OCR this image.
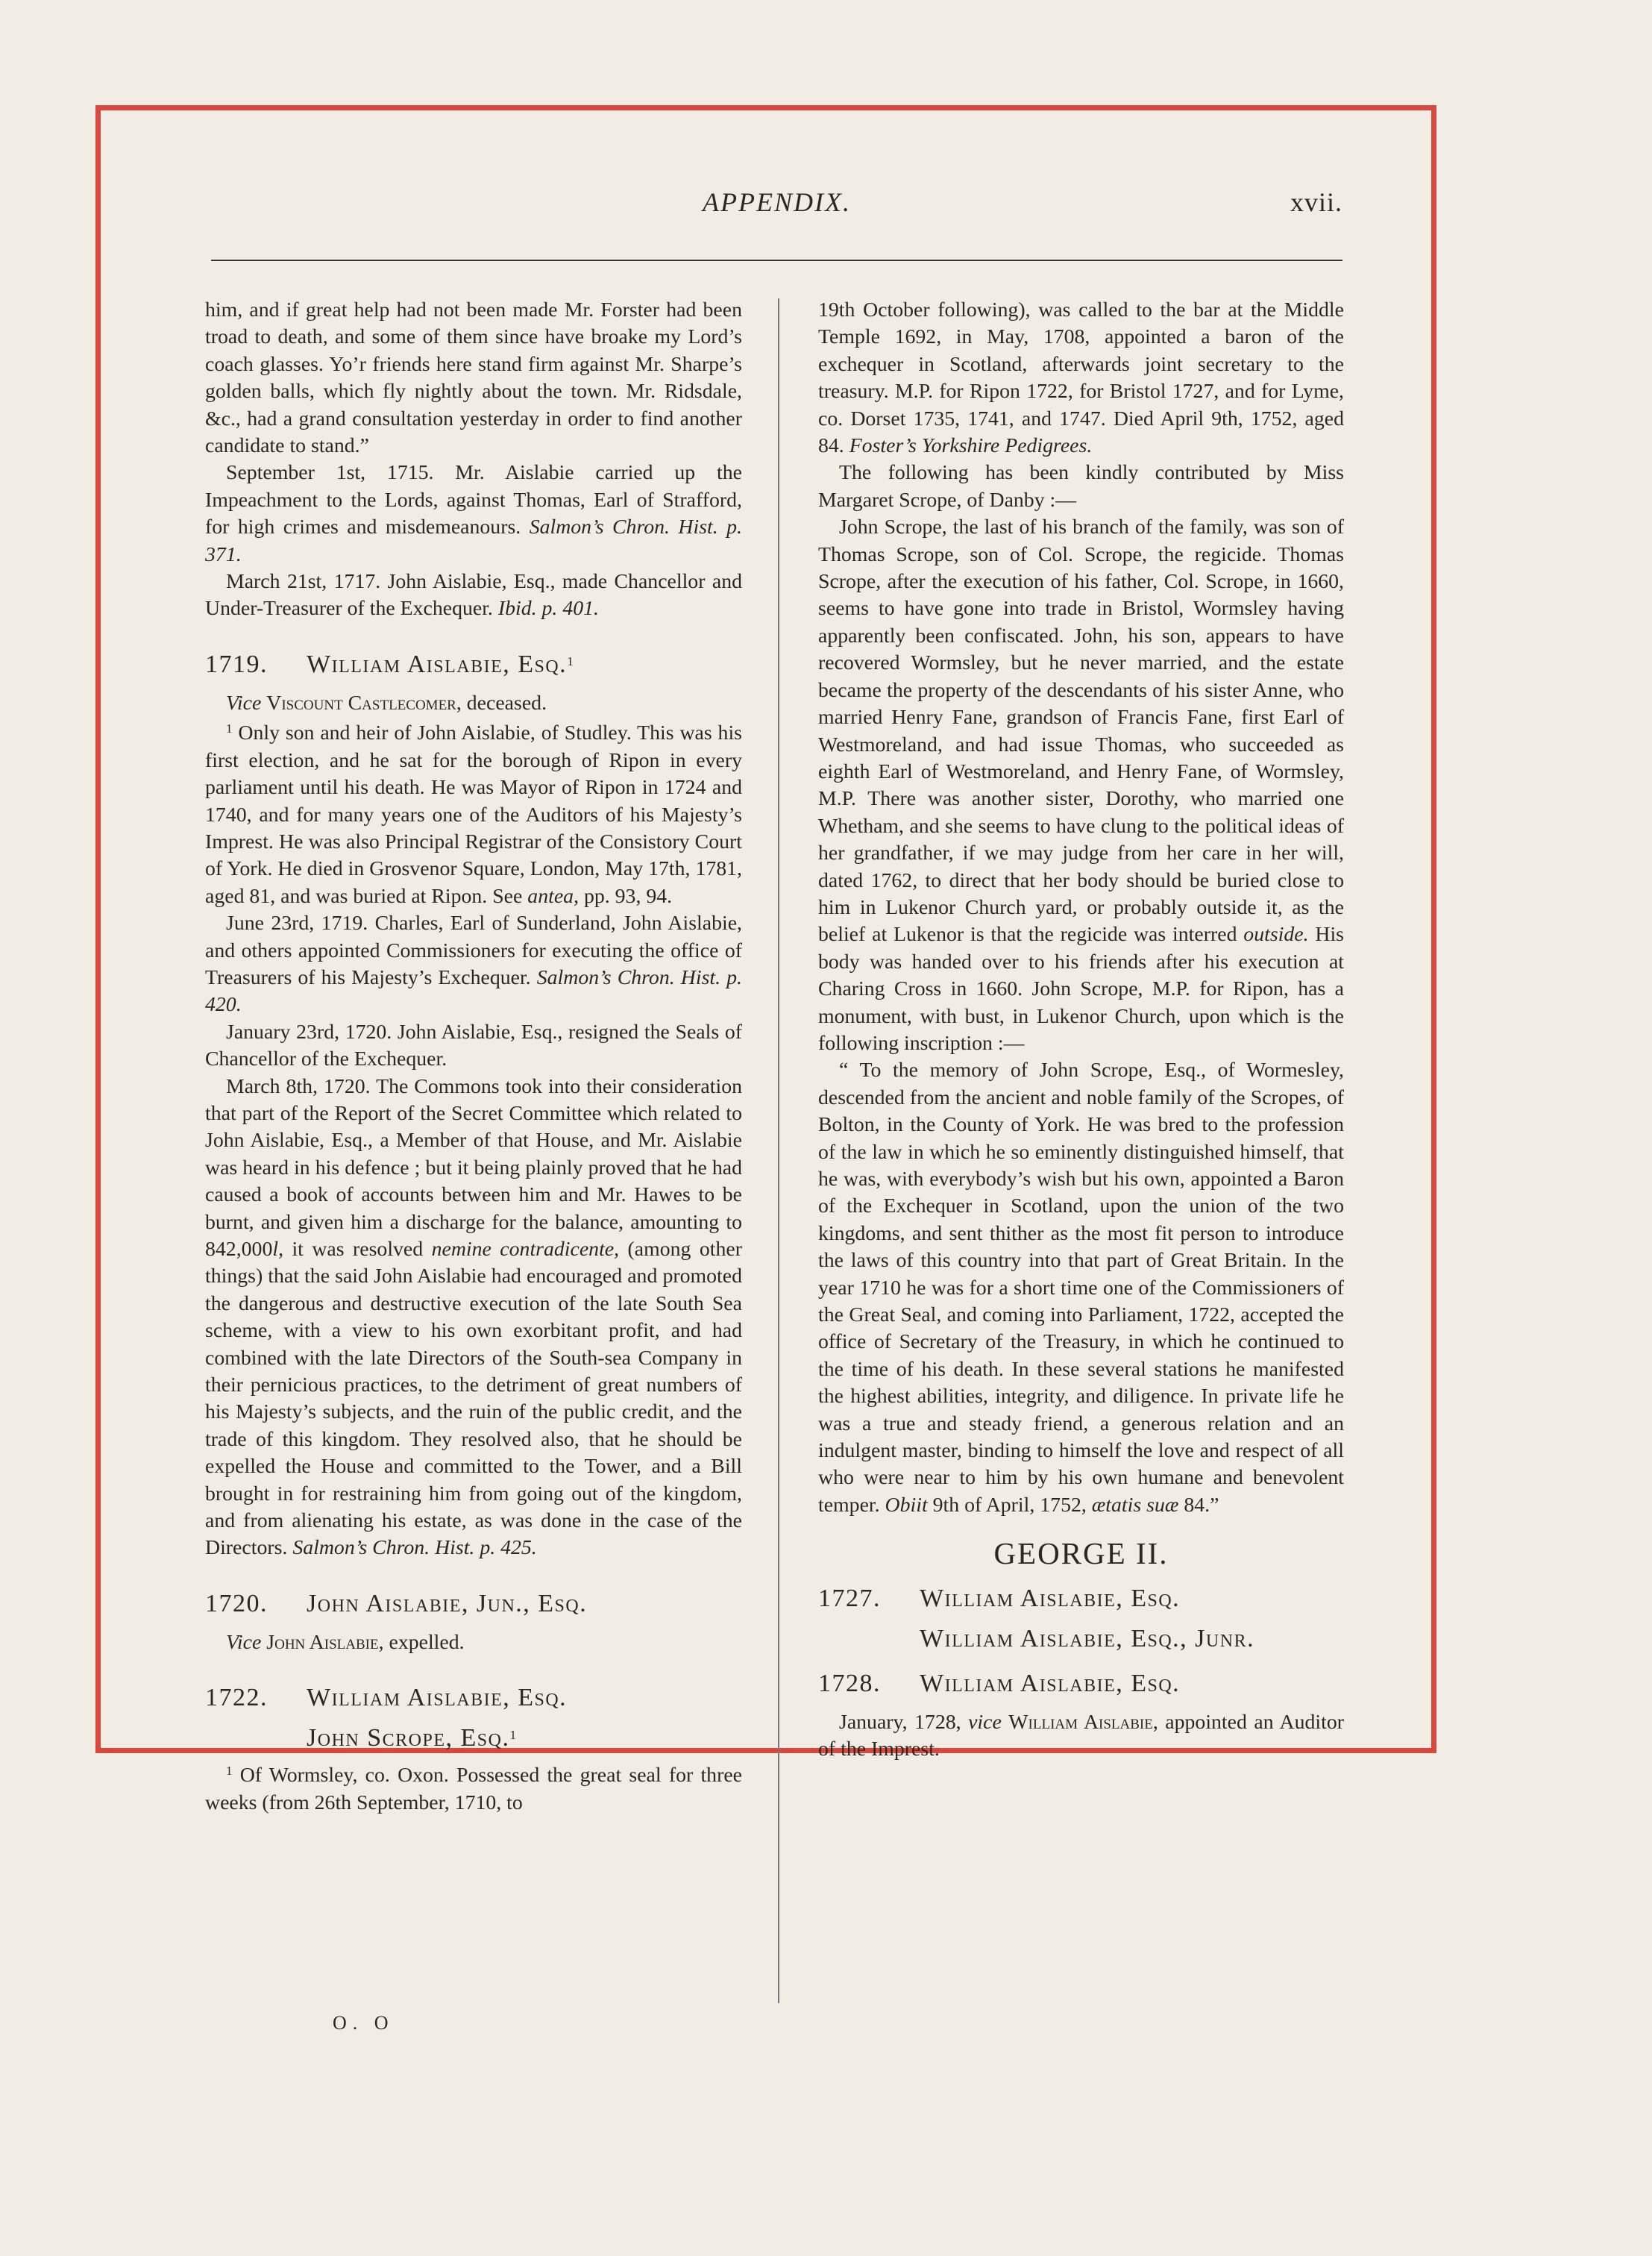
APPENDIX.	xvii.

him, and if great help had not been made Mr. Forster had been troad to death, and some of them since have broake my Lord’s coach glasses. Yo’r friends here stand firm against Mr. Sharpe’s golden balls, which fly nightly about the town. Mr. Ridsdale, &c., had a grand consultation yesterday in order to find another candidate to stand.”

September 1st, 1715. Mr. Aislabie carried up the Impeachment to the Lords, against Thomas, Earl of Strafford, for high crimes and misdemeanours. Salmon’s Chron. Hist. p. 371.

March 21st, 1717. John Aislabie, Esq., made Chancellor and Under-Treasurer of the Exchequer. Ibid. p. 401.

1719. William Aislabie, Esq.$^1$

Vice Viscount Castlecomer, deceased.

$^1$ Only son and heir of John Aislabie, of Studley. This was his first election, and he sat for the borough of Ripon in every parliament until his death. He was Mayor of Ripon in 1724 and 1740, and for many years one of the Auditors of his Majesty’s Imprest. He was also Principal Registrar of the Consistory Court of York. He died in Grosvenor Square, London, May 17th, 1781, aged 81, and was buried at Ripon. See antea, pp. 93, 94.

June 23rd, 1719. Charles, Earl of Sunderland, John Aislabie, and others appointed Commissioners for executing the office of Treasurers of his Majesty’s Exchequer. Salmon’s Chron. Hist. p. 420.

January 23rd, 1720. John Aislabie, Esq., resigned the Seals of Chancellor of the Exchequer.

March 8th, 1720. The Commons took into their consideration that part of the Report of the Secret Committee which related to John Aislabie, Esq., a Member of that House, and Mr. Aislabie was heard in his defence ; but it being plainly proved that he had caused a book of accounts between him and Mr. Hawes to be burnt, and given him a discharge for the balance, amounting to 842,000l, it was resolved nemine contradicente, (among other things) that the said John Aislabie had encouraged and promoted the dangerous and destructive execution of the late South Sea scheme, with a view to his own exorbitant profit, and had combined with the late Directors of the South-sea Company in their pernicious practices, to the detriment of great numbers of his Majesty’s subjects, and the ruin of the public credit, and the trade of this kingdom. They resolved also, that he should be expelled the House and committed to the Tower, and a Bill brought in for restraining him from going out of the kingdom, and from alienating his estate, as was done in the case of the Directors. Salmon’s Chron. Hist. p. 425.

1720. John Aislabie, Jun., Esq.

Vice John Aislabie, expelled.

1722. William Aislabie, Esq.
John Scrope, Esq.$^1$

$^1$ Of Wormsley, co. Oxon. Possessed the great seal for three weeks (from 26th September, 1710, to

O. O

19th October following), was called to the bar at the Middle Temple 1692, in May, 1708, appointed a baron of the exchequer in Scotland, afterwards joint secretary to the treasury. M.P. for Ripon 1722, for Bristol 1727, and for Lyme, co. Dorset 1735, 1741, and 1747. Died April 9th, 1752, aged 84. Foster’s Yorkshire Pedigrees.

The following has been kindly contributed by Miss Margaret Scrope, of Danby :—

John Scrope, the last of his branch of the family, was son of Thomas Scrope, son of Col. Scrope, the regicide. Thomas Scrope, after the execution of his father, Col. Scrope, in 1660, seems to have gone into trade in Bristol, Wormsley having apparently been confiscated. John, his son, appears to have recovered Wormsley, but he never married, and the estate became the property of the descendants of his sister Anne, who married Henry Fane, grandson of Francis Fane, first Earl of Westmoreland, and had issue Thomas, who succeeded as eighth Earl of Westmoreland, and Henry Fane, of Wormsley, M.P. There was another sister, Dorothy, who married one Whetham, and she seems to have clung to the political ideas of her grandfather, if we may judge from her care in her will, dated 1762, to direct that her body should be buried close to him in Lukenor Church yard, or probably outside it, as the belief at Lukenor is that the regicide was interred outside. His body was handed over to his friends after his execution at Charing Cross in 1660. John Scrope, M.P. for Ripon, has a monument, with bust, in Lukenor Church, upon which is the following inscription :—

“ To the memory of John Scrope, Esq., of Wormesley, descended from the ancient and noble family of the Scropes, of Bolton, in the County of York. He was bred to the profession of the law in which he so eminently distinguished himself, that he was, with everybody’s wish but his own, appointed a Baron of the Exchequer in Scotland, upon the union of the two kingdoms, and sent thither as the most fit person to introduce the laws of this country into that part of Great Britain. In the year 1710 he was for a short time one of the Commissioners of the Great Seal, and coming into Parliament, 1722, accepted the office of Secretary of the Treasury, in which he continued to the time of his death. In these several stations he manifested the highest abilities, integrity, and diligence. In private life he was a true and steady friend, a generous relation and an indulgent master, binding to himself the love and respect of all who were near to him by his own humane and benevolent temper. Obiit 9th of April, 1752, ætatis suæ 84.”

GEORGE II.
1727. William Aislabie, Esq.
William Aislabie, Esq., Junr.
1728. William Aislabie, Esq.

January, 1728, vice William Aislabie, appointed an Auditor of the Imprest.
